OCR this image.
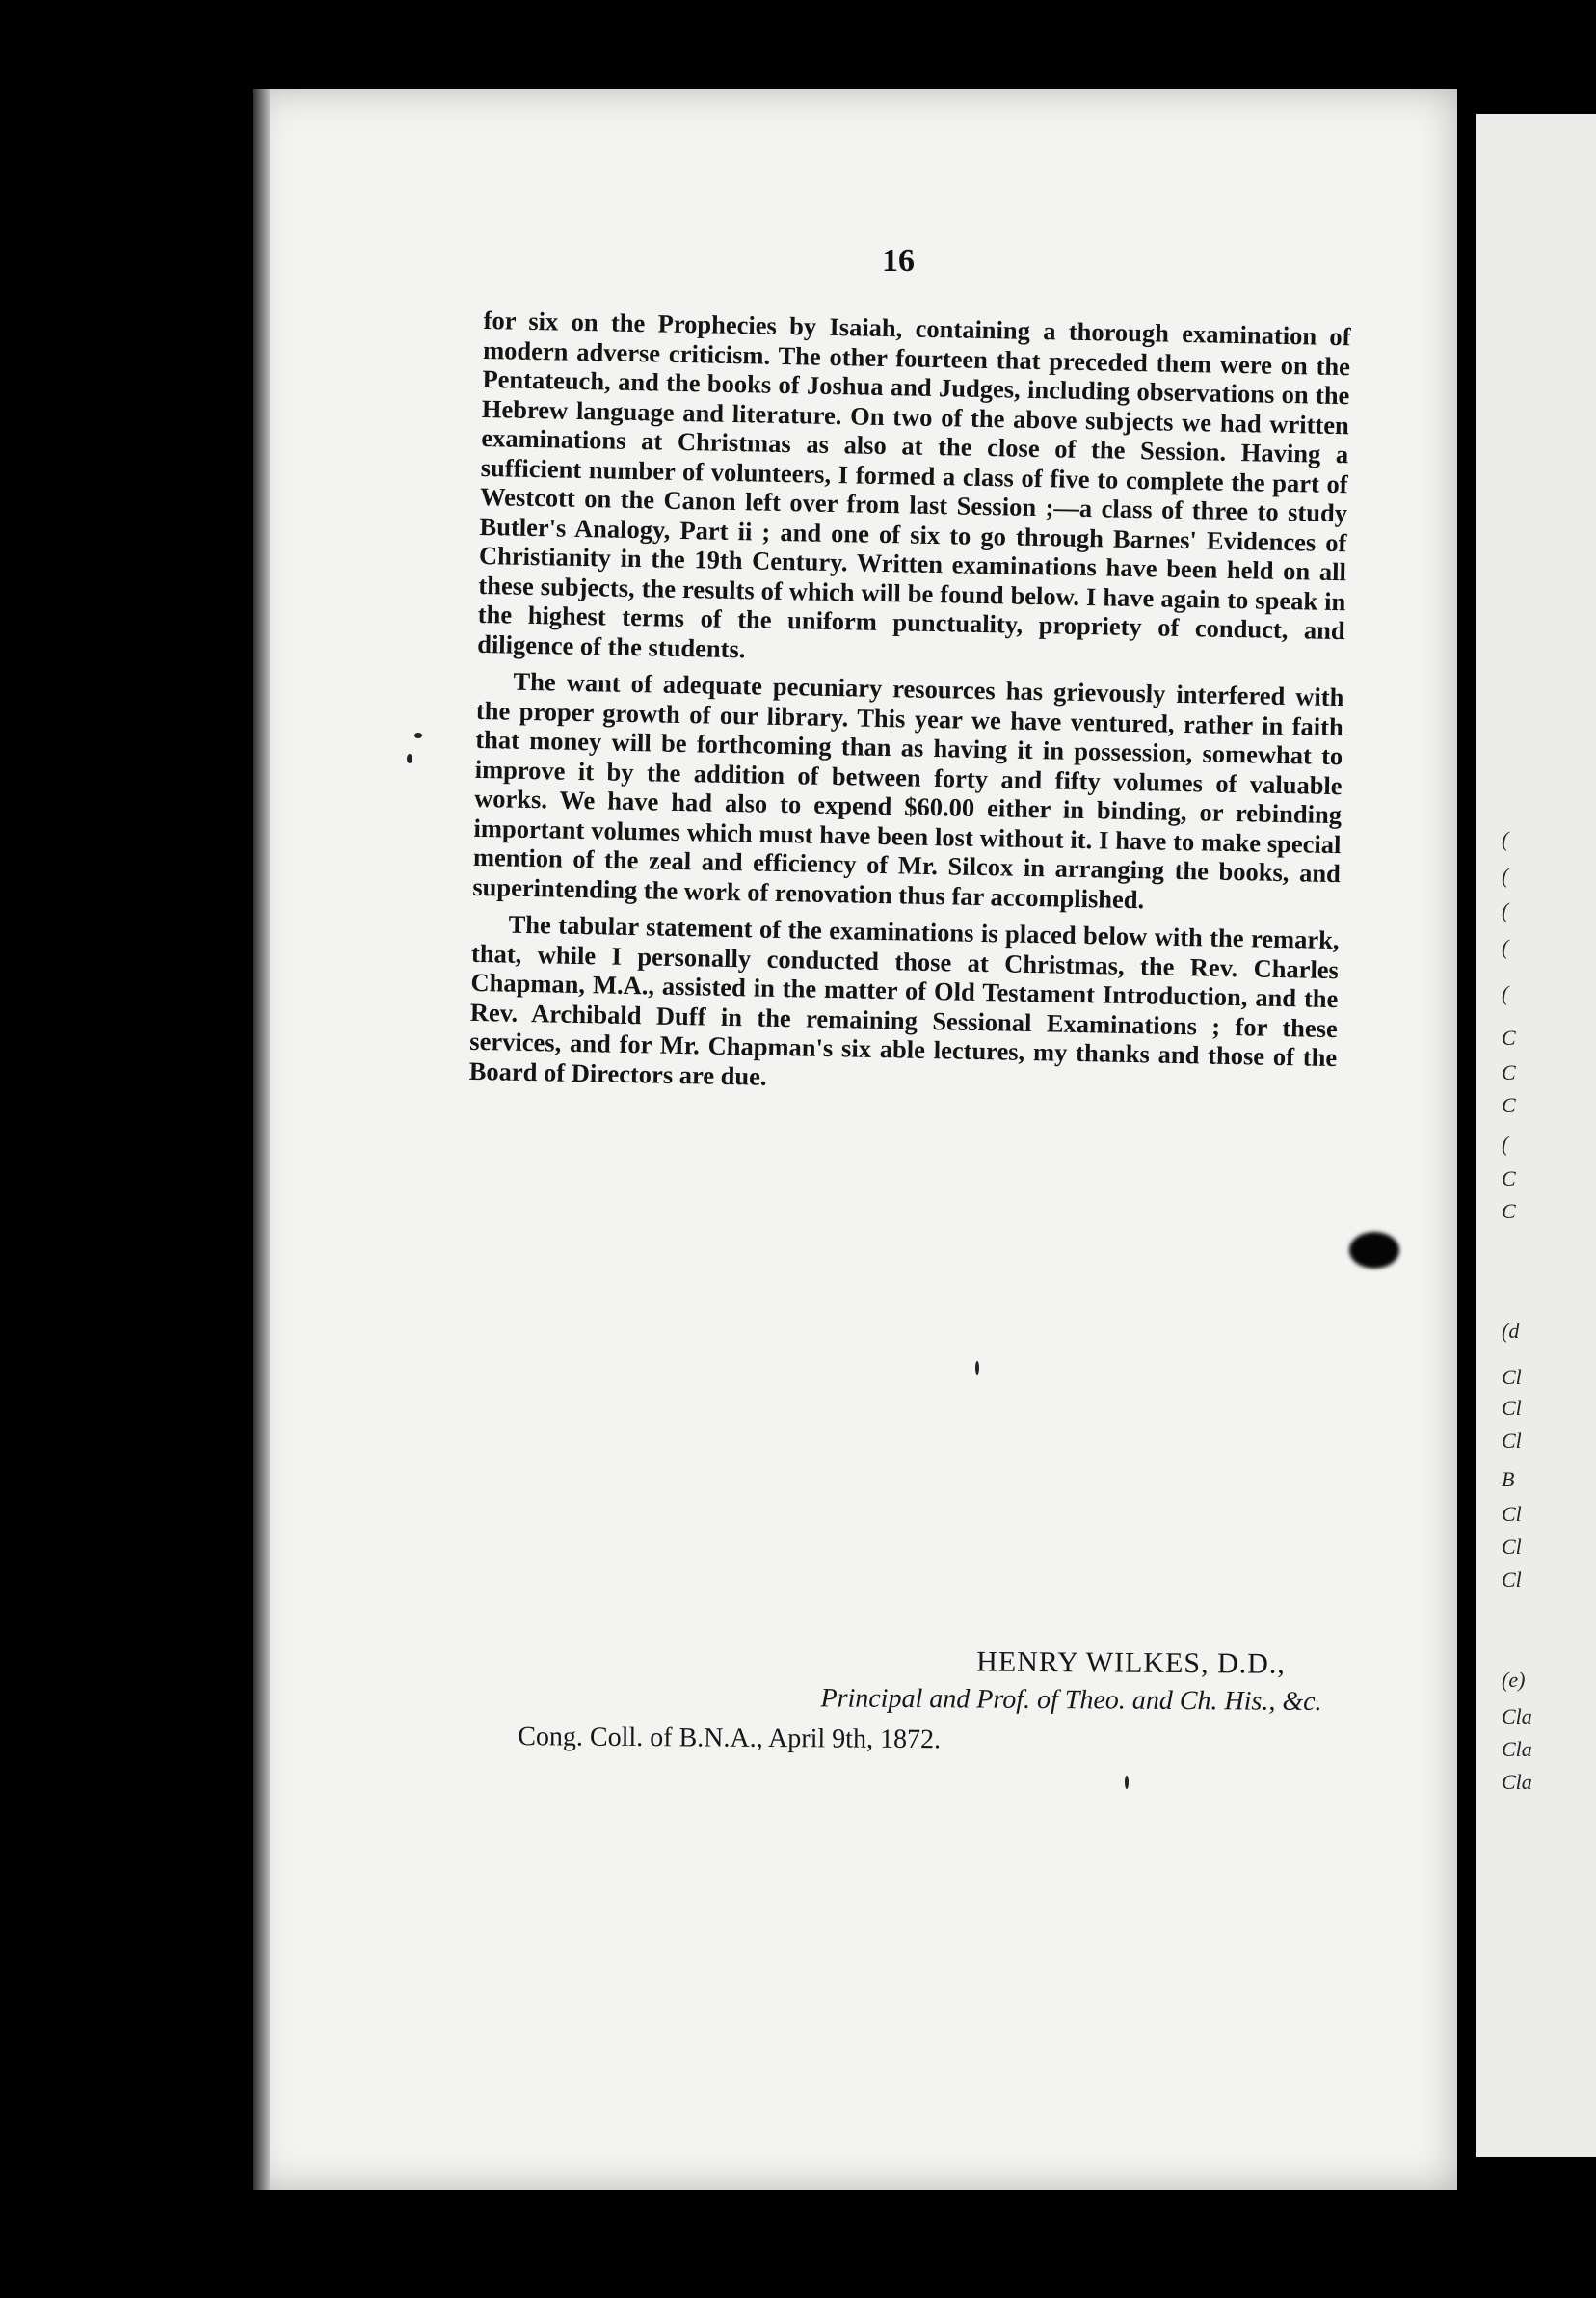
16

for six on the Prophecies by Isaiah, containing a thorough examination of modern adverse criticism. The other fourteen that preceded them were on the Pentateuch, and the books of Joshua and Judges, including observations on the Hebrew language and literature. On two of the above subjects we had written examinations at Christmas as also at the close of the Session. Having a sufficient number of volunteers, I formed a class of five to complete the part of Westcott on the Canon left over from last Session ;—a class of three to study Butler's Analogy, Part ii ; and one of six to go through Barnes' Evidences of Christianity in the 19th Century. Written examinations have been held on all these subjects, the results of which will be found below. I have again to speak in the highest terms of the uniform punctuality, propriety of conduct, and diligence of the students.

The want of adequate pecuniary resources has grievously interfered with the proper growth of our library. This year we have ventured, rather in faith that money will be forthcoming than as having it in possession, somewhat to improve it by the addition of between forty and fifty volumes of valuable works. We have had also to expend $60.00 either in binding, or rebinding important volumes which must have been lost without it. I have to make special mention of the zeal and efficiency of Mr. Silcox in arranging the books, and superintending the work of renovation thus far accomplished.

The tabular statement of the examinations is placed below with the remark, that, while I personally conducted those at Christmas, the Rev. Charles Chapman, M.A., assisted in the matter of Old Testament Introduction, and the Rev. Archibald Duff in the remaining Sessional Examinations ; for these services, and for Mr. Chapman's six able lectures, my thanks and those of the Board of Directors are due.

HENRY WILKES, D.D.,
Principal and Prof. of Theo. and Ch. His., &c.
Cong. Coll. of B.N.A., April 9th, 1872.
(
(
(
(
(
C
C
C
(
C
C
(d
Cl
Cl
Cl
B
Cl
Cl
Cl
(e)
Cla
Cla
Cla
